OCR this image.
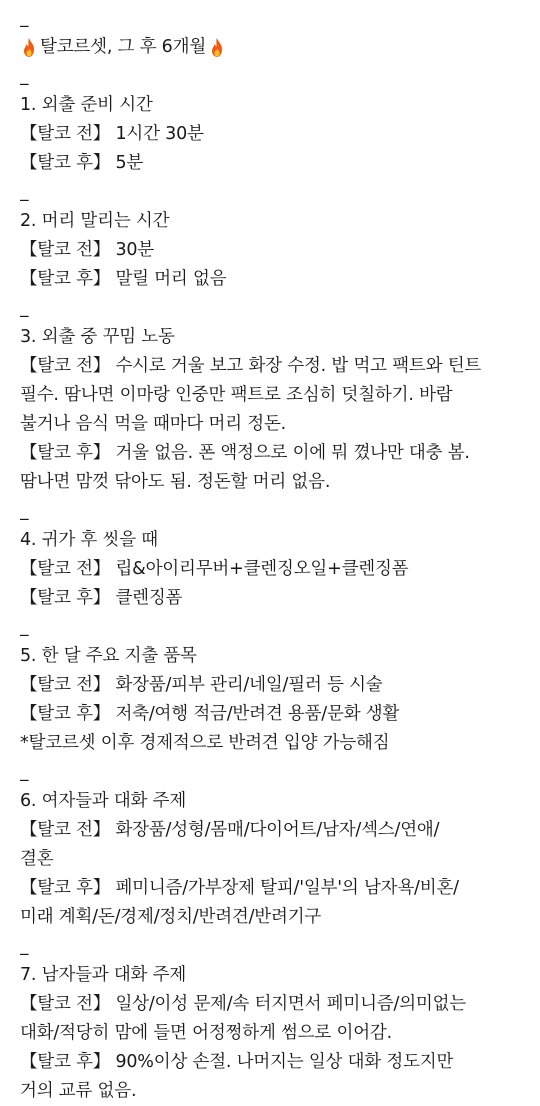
_
탈코르셋, 그 후 6개월
_
1. 외출 준비 시간
【탈코 전】 1시간 30분
【탈코 후】 5분
_
2. 머리 말리는 시간
【탈코 전】 30분
【탈코 후】 말릴 머리 없음
_
3. 외출 중 꾸밈 노동
【탈코 전】 수시로 거울 보고 화장 수정. 밥 먹고 팩트와 틴트
필수. 땀나면 이마랑 인중만 팩트로 조심히 덧칠하기. 바람
불거나 음식 먹을 때마다 머리 정돈.
【탈코 후】 거울 없음. 폰 액정으로 이에 뭐 꼈나만 대충 봄.
땀나면 맘껏 닦아도 됨. 정돈할 머리 없음.
_
4. 귀가 후 씻을 때
【탈코 전】 립&아이리무버+클렌징오일+클렌징폼
【탈코 후】 클렌징폼
_
5. 한 달 주요 지출 품목
【탈코 전】 화장품/피부 관리/네일/필러 등 시술
【탈코 후】 저축/여행 적금/반려견 용품/문화 생활
*탈코르셋 이후 경제적으로 반려견 입양 가능해짐
_
6. 여자들과 대화 주제
【탈코 전】 화장품/성형/몸매/다이어트/남자/섹스/연애/
결혼
【탈코 후】 페미니즘/가부장제 탈피/'일부'의 남자욕/비혼/
미래 계획/돈/경제/정치/반려견/반려기구
_
7. 남자들과 대화 주제
【탈코 전】 일상/이성 문제/속 터지면서 페미니즘/의미없는
대화/적당히 맘에 들면 어정쩡하게 썸으로 이어감.
【탈코 후】 90%이상 손절. 나머지는 일상 대화 정도지만
거의 교류 없음.
